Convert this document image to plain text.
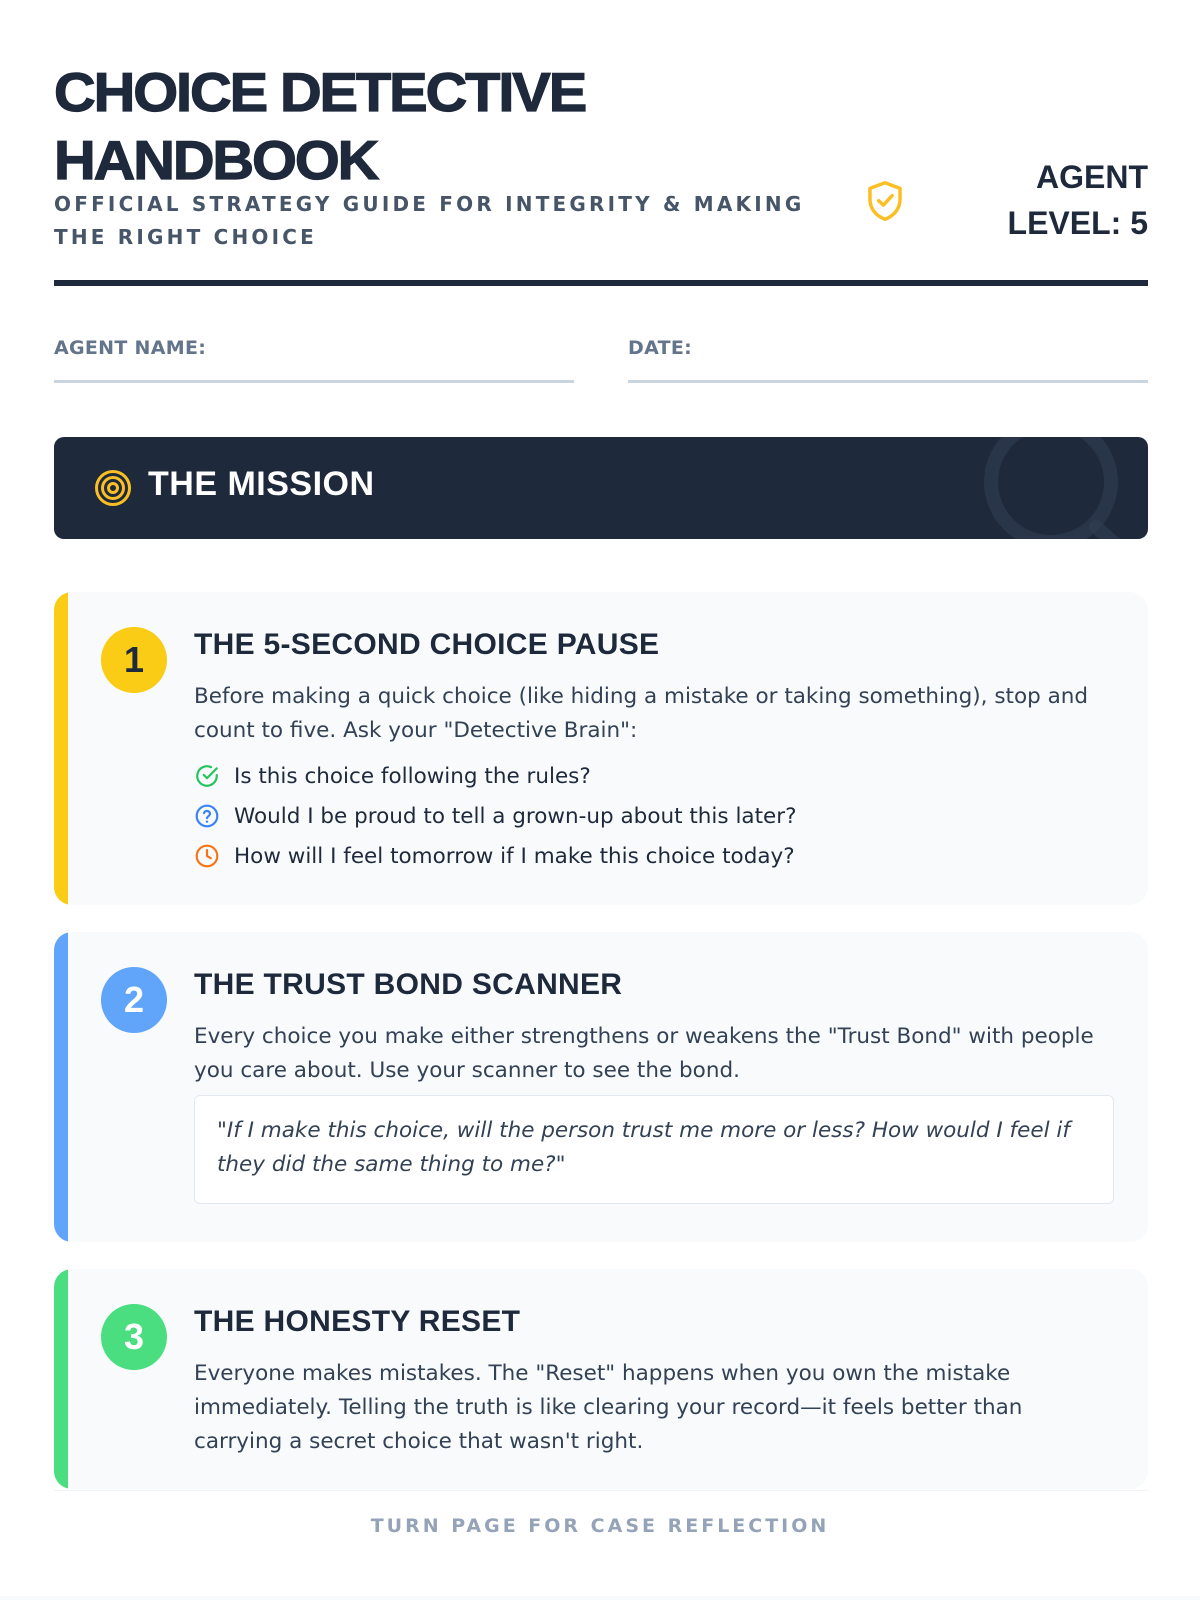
CHOICE DETECTIVE
HANDBOOK
OFFICIAL STRATEGY GUIDE FOR INTEGRITY & MAKING THE RIGHT CHOICE
AGENT
LEVEL: 5
AGENT NAME:	DATE:
THE MISSION
1	THE 5-SECOND CHOICE PAUSE
Before making a quick choice (like hiding a mistake or taking something), stop and count to five. Ask your "Detective Brain":
Is this choice following the rules?
Would I be proud to tell a grown-up about this later?
How will I feel tomorrow if I make this choice today?
2	THE TRUST BOND SCANNER
Every choice you make either strengthens or weakens the "Trust Bond" with people you care about. Use your scanner to see the bond.
"If I make this choice, will the person trust me more or less? How would I feel if they did the same thing to me?"
3	THE HONESTY RESET
Everyone makes mistakes. The "Reset" happens when you own the mistake immediately. Telling the truth is like clearing your record—it feels better than carrying a secret choice that wasn't right.
TURN PAGE FOR CASE REFLECTION
